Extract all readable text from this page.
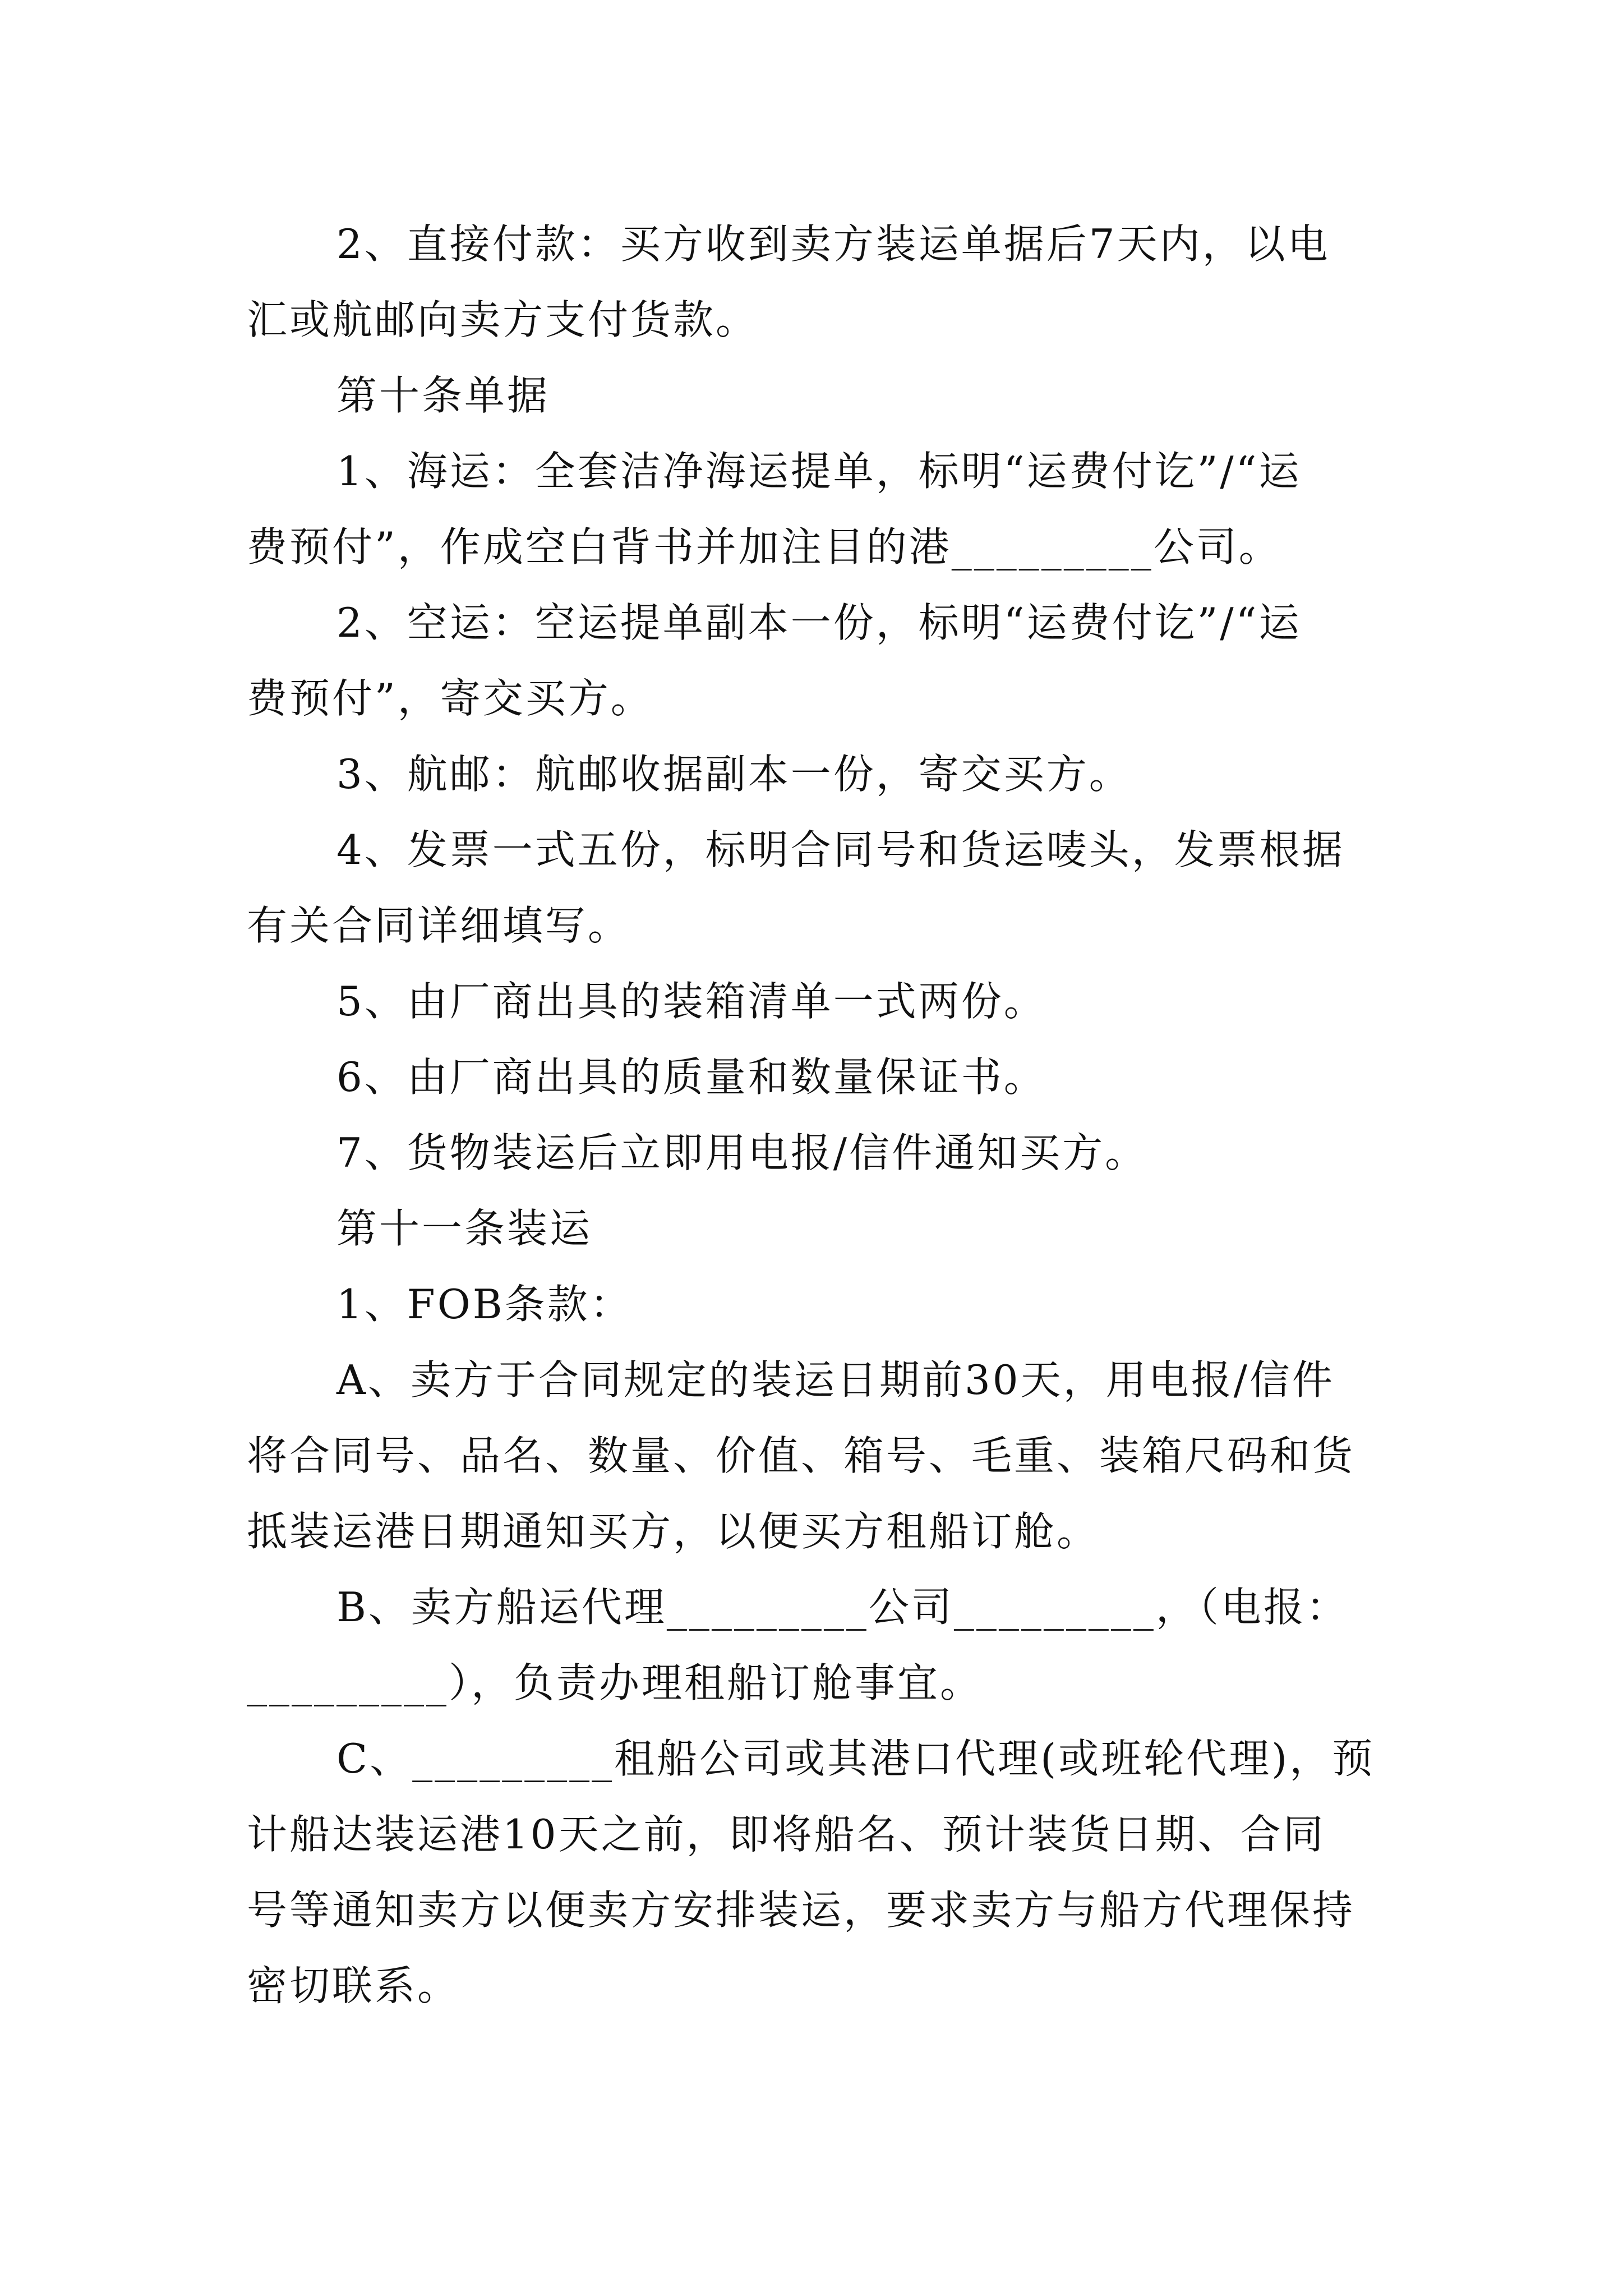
2、直接付款：买方收到卖方装运单据后7天内，以电

汇或航邮向卖方支付货款。

第十条单据

1、海运：全套洁净海运提单，标明“运费付讫”/“运

费预付”，作成空白背书并加注目的港_________公司。

2、空运：空运提单副本一份，标明“运费付讫”/“运

费预付”，寄交买方。

3、航邮：航邮收据副本一份，寄交买方。

4、发票一式五份，标明合同号和货运唛头，发票根据

有关合同详细填写。

5、由厂商出具的装箱清单一式两份。

6、由厂商出具的质量和数量保证书。

7、货物装运后立即用电报/信件通知买方。

第十一条装运

1、FOB条款：

A、卖方于合同规定的装运日期前30天，用电报/信件

将合同号、品名、数量、价值、箱号、毛重、装箱尺码和货

抵装运港日期通知买方，以便买方租船订舱。

B、卖方船运代理_________公司_________，（电报：

_________），负责办理租船订舱事宜。

C、_________租船公司或其港口代理(或班轮代理)，预

计船达装运港10天之前，即将船名、预计装货日期、合同

号等通知卖方以便卖方安排装运，要求卖方与船方代理保持

密切联系。
